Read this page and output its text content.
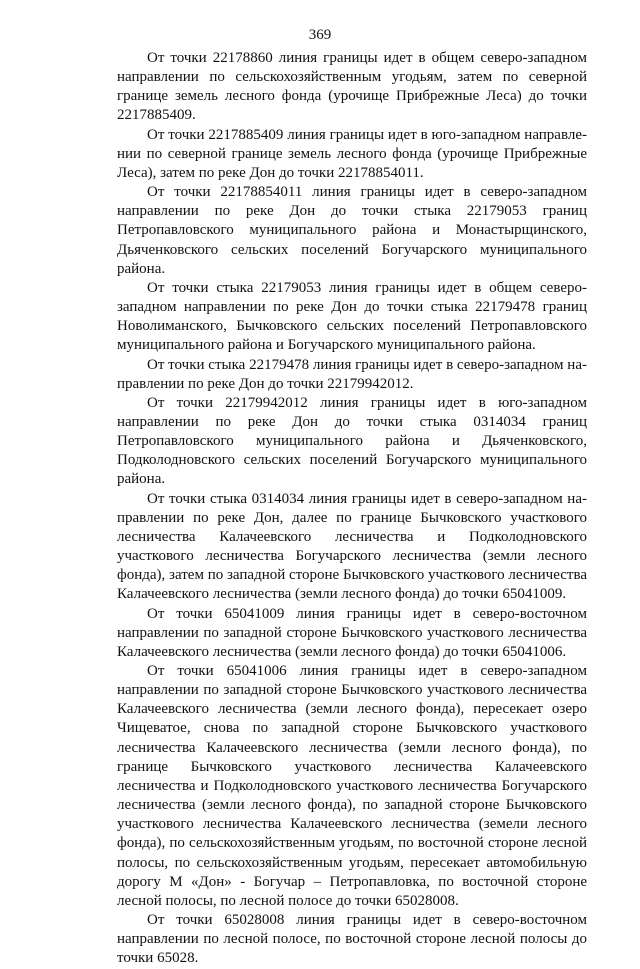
369

От точки 22178860 линия границы идет в общем северо-западном направлении по сельскохозяйственным угодьям, затем по северной границе земель лесного фонда (урочище Прибрежные Леса) до точки 2217885409.

От точки 2217885409 линия границы идет в юго-западном направлении по северной границе земель лесного фонда (урочище Прибрежные Леса), затем по реке Дон до точки 22178854011.

От точки 22178854011 линия границы идет в северо-западном направлении по реке Дон до точки стыка 22179053 границ Петропавловского муниципального района и Монастырщинского, Дьяченковского сельских поселений Богучарского муниципального района.

От точки стыка 22179053 линия границы идет в общем северо-западном направлении по реке Дон до точки стыка 22179478 границ Новолиманского, Бычковского сельских поселений Петропавловского муниципального района и Богучарского муниципального района.

От точки стыка 22179478 линия границы идет в северо-западном направлении по реке Дон до точки 22179942012.

От точки 22179942012 линия границы идет в юго-западном направлении по реке Дон до точки стыка 0314034 границ Петропавловского муниципального района и Дьяченковского, Подколодновского сельских поселений Богучарского муниципального района.

От точки стыка 0314034 линия границы идет в северо-западном направлении по реке Дон, далее по границе Бычковского участкового лесничества Калачеевского лесничества и Подколодновского участкового лесничества Богучарского лесничества (земли лесного фонда), затем по западной стороне Бычковского участкового лесничества Калачеевского лесничества (земли лесного фонда) до точки 65041009.

От точки 65041009 линия границы идет в северо-восточном направлении по западной стороне Бычковского участкового лесничества Калачеевского лесничества (земли лесного фонда) до точки 65041006.

От точки 65041006 линия границы идет в северо-западном направлении по западной стороне Бычковского участкового лесничества Калачеевского лесничества (земли лесного фонда), пересекает озеро Чищеватое, снова по западной стороне Бычковского участкового лесничества Калачеевского лесничества (земли лесного фонда), по границе Бычковского участкового лесничества Калачеевского лесничества и Подколодновского участкового лесничества Богучарского лесничества (земли лесного фонда), по западной стороне Бычковского участкового лесничества Калачеевского лесничества (земели лесного фонда), по сельскохозяйственным угодьям, по восточной стороне лесной полосы, по сельскохозяйственным угодьям, пересекает автомобильную дорогу М «Дон» - Богучар – Петропавловка, по восточной стороне лесной полосы, по лесной полосе до точки 65028008.

От точки 65028008 линия границы идет в северо-восточном направлении по лесной полосе, по восточной стороне лесной полосы до точки 65028.
